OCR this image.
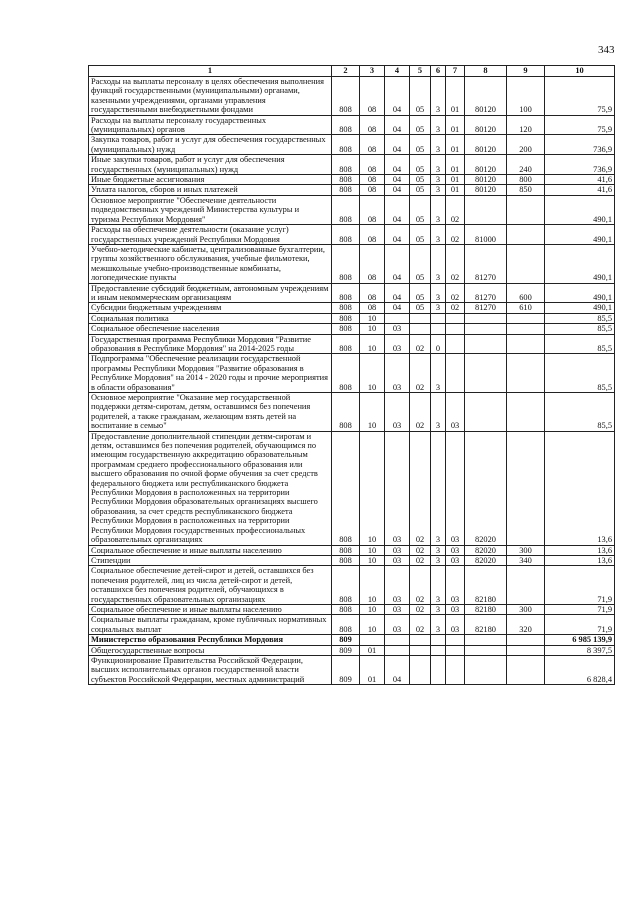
343
1	2	3	4	5	6	7	8	9	10
Расходы на выплаты персоналу в целях обеспечения выполнения функций государственными (муниципальными) органами, казенными учреждениями, органами управления государственными внебюджетными фондами	808	08	04	05	3	01	80120	100	75,9
Расходы на выплаты персоналу государственных (муниципальных) органов	808	08	04	05	3	01	80120	120	75,9
Закупка товаров, работ и услуг для обеспечения государственных (муниципальных) нужд	808	08	04	05	3	01	80120	200	736,9
Иные закупки товаров, работ и услуг для обеспечения государственных (муниципальных) нужд	808	08	04	05	3	01	80120	240	736,9
Иные бюджетные ассигнования	808	08	04	05	3	01	80120	800	41,6
Уплата налогов, сборов и иных платежей	808	08	04	05	3	01	80120	850	41,6
Основное мероприятие "Обеспечение деятельности подведомственных учреждений Министерства культуры и туризма Республики Мордовия"	808	08	04	05	3	02			490,1
Расходы на обеспечение деятельности (оказание услуг) государственных учреждений Республики Мордовия	808	08	04	05	3	02	81000		490,1
Учебно-методические кабинеты, централизованные бухгалтерии, группы хозяйственного обслуживания, учебные фильмотеки, межшкольные учебно-производственные комбинаты, логопедические пункты	808	08	04	05	3	02	81270		490,1
Предоставление субсидий бюджетным, автономным учреждениям и иным некоммерческим организациям	808	08	04	05	3	02	81270	600	490,1
Субсидии бюджетным учреждениям	808	08	04	05	3	02	81270	610	490,1
Социальная политика	808	10							85,5
Социальное обеспечение населения	808	10	03						85,5
Государственная программа Республики Мордовия "Развитие образования в Республике Мордовия" на 2014-2025 годы	808	10	03	02	0				85,5
Подпрограмма "Обеспечение реализации государственной программы Республики Мордовия "Развитие образования в Республике Мордовия" на 2014 - 2020 годы и прочие мероприятия в области образования"	808	10	03	02	3				85,5
Основное мероприятие "Оказание мер государственной поддержки детям-сиротам, детям, оставшимся без попечения родителей, а также гражданам, желающим взять детей на воспитание в семью"	808	10	03	02	3	03			85,5
Предоставление дополнительной стипендии детям-сиротам и детям, оставшимся без попечения родителей, обучающимся по имеющим государственную аккредитацию образовательным программам среднего профессионального образования или высшего образования по очной форме обучения за счет средств федерального бюджета или республиканского бюджета Республики Мордовия в расположенных на территории Республики Мордовия образовательных организациях высшего образования, за счет средств республиканского бюджета Республики Мордовия в расположенных на территории Республики Мордовия государственных профессиональных образовательных организациях	808	10	03	02	3	03	82020		13,6
Социальное обеспечение и иные выплаты населению	808	10	03	02	3	03	82020	300	13,6
Стипендии	808	10	03	02	3	03	82020	340	13,6
Социальное обеспечение детей-сирот и детей, оставшихся без попечения родителей, лиц из числа детей-сирот и детей, оставшихся без попечения родителей, обучающихся в государственных образовательных организациях	808	10	03	02	3	03	82180		71,9
Социальное обеспечение и иные выплаты населению	808	10	03	02	3	03	82180	300	71,9
Социальные выплаты гражданам, кроме публичных нормативных социальных выплат	808	10	03	02	3	03	82180	320	71,9
Министерство образования Республики Мордовия	809								6 985 139,9
Общегосударственные вопросы	809	01							8 397,5
Функционирование Правительства Российской Федерации, высших исполнительных органов государственной власти субъектов Российской Федерации, местных администраций	809	01	04						6 828,4
